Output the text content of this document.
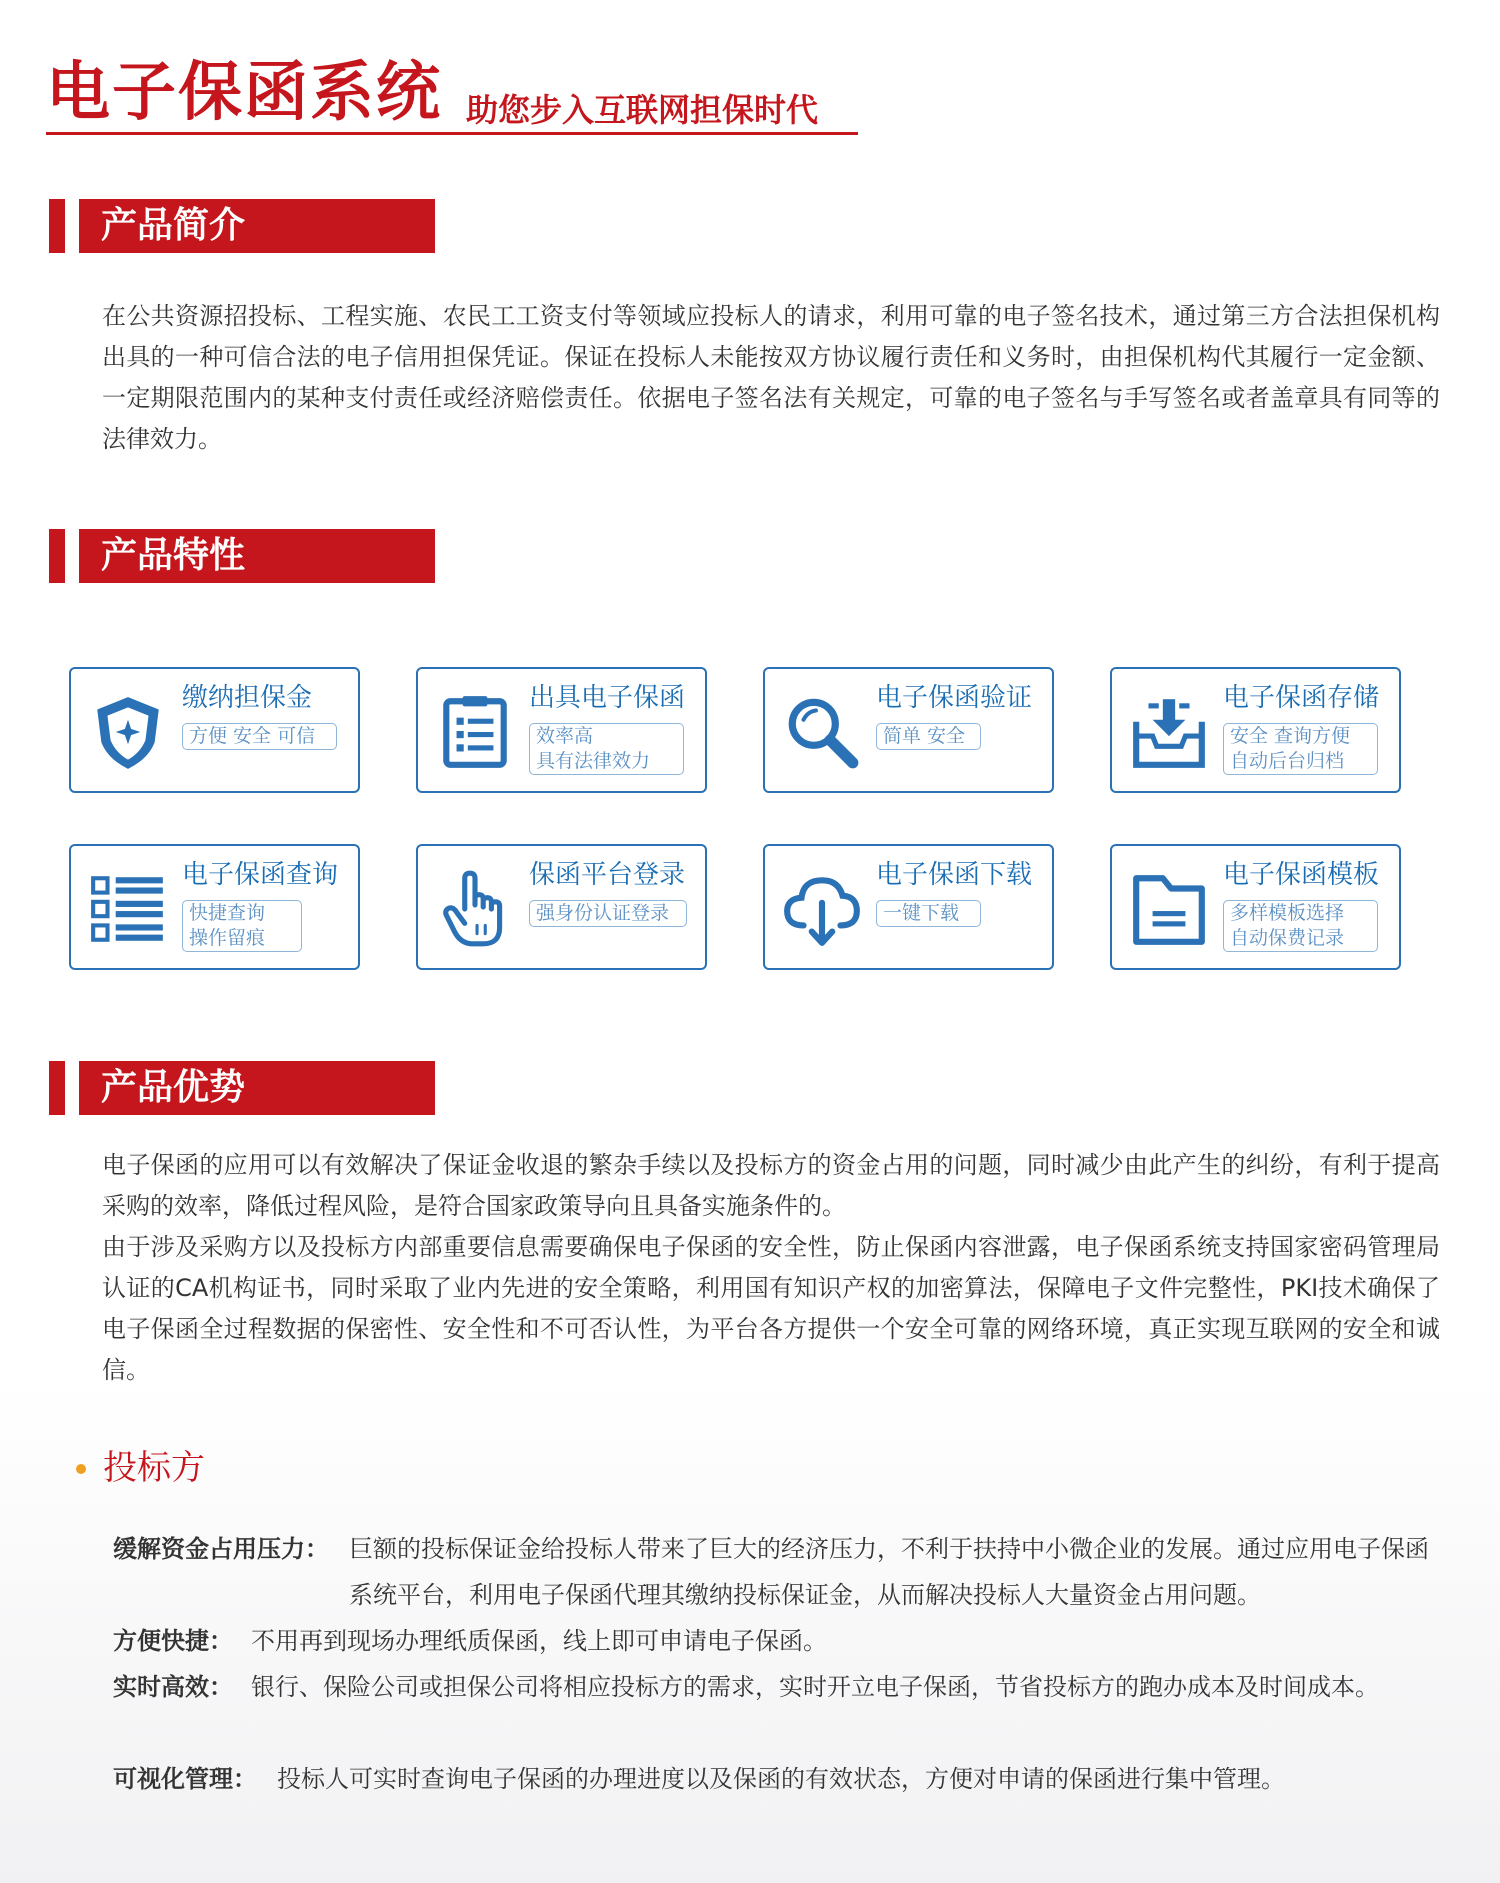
电子保函系统 助您步入互联网担保时代
产品简介

在公共资源招投标、工程实施、农民工工资支付等领域应投标人的请求，利用可靠的电子签名技术，通过第三方合法担保机构出具的一种可信合法的电子信用担保凭证。保证在投标人未能按双方协议履行责任和义务时，由担保机构代其履行一定金额、一定期限范围内的某种支付责任或经济赔偿责任。依据电子签名法有关规定，可靠的电子签名与手写签名或者盖章具有同等的法律效力。

产品特性
缴纳担保金
方便 安全 可信
出具电子保函
效率高
具有法律效力
电子保函验证
简单 安全
电子保函存储
安全 查询方便
自动后台归档
电子保函查询
快捷查询
操作留痕
保函平台登录
强身份认证登录
电子保函下载
一键下载
电子保函模板
多样模板选择
自动保费记录
产品优势

电子保函的应用可以有效解决了保证金收退的繁杂手续以及投标方的资金占用的问题，同时减少由此产生的纠纷，有利于提高采购的效率，降低过程风险，是符合国家政策导向且具备实施条件的。

由于涉及采购方以及投标方内部重要信息需要确保电子保函的安全性，防止保函内容泄露，电子保函系统支持国家密码管理局认证的CA机构证书，同时采取了业内先进的安全策略，利用国有知识产权的加密算法，保障电子文件完整性，PKI技术确保了电子保函全过程数据的保密性、安全性和不可否认性，为平台各方提供一个安全可靠的网络环境，真正实现互联网的安全和诚信。

投标方
缓解资金占用压力： 巨额的投标保证金给投标人带来了巨大的经济压力，不利于扶持中小微企业的发展。通过应用电子保函系统平台，利用电子保函代理其缴纳投标保证金，从而解决投标人大量资金占用问题。
方便快捷： 不用再到现场办理纸质保函，线上即可申请电子保函。
实时高效： 银行、保险公司或担保公司将相应投标方的需求，实时开立电子保函，节省投标方的跑办成本及时间成本。
可视化管理： 投标人可实时查询电子保函的办理进度以及保函的有效状态，方便对申请的保函进行集中管理。
